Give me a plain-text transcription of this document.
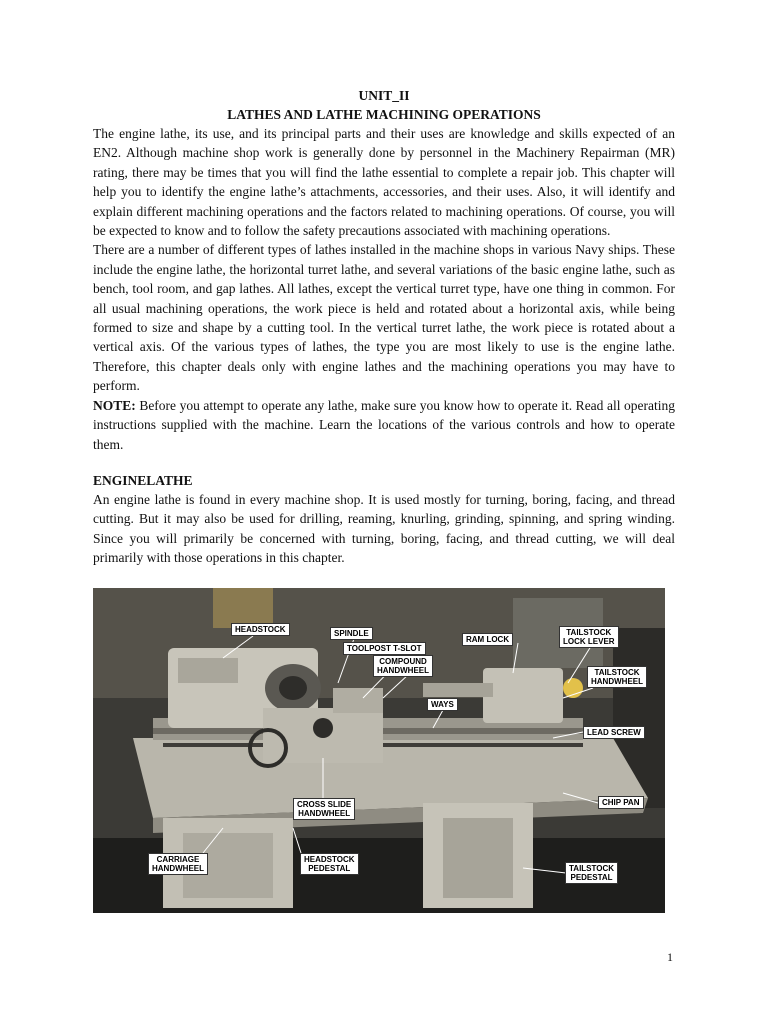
UNIT_II

LATHES AND LATHE MACHINING OPERATIONS

The engine lathe, its use, and its principal parts and their uses are knowledge and skills expected of an EN2. Although machine shop work is generally done by personnel in the Machinery Repairman (MR) rating, there may be times that you will find the lathe essential to complete a repair job. This chapter will help you to identify the engine lathe’s attachments, accessories, and their uses. Also, it will identify and explain different machining operations and the factors related to machining operations. Of course, you will be expected to know and to follow the safety precautions associated with machining operations.

There are a number of different types of lathes installed in the machine shops in various Navy ships. These include the engine lathe, the horizontal turret lathe, and several variations of the basic engine lathe, such as bench, tool room, and gap lathes. All lathes, except the vertical turret type, have one thing in common. For all usual machining operations, the work piece is held and rotated about a horizontal axis, while being formed to size and shape by a cutting tool. In the vertical turret lathe, the work piece is rotated about a vertical axis. Of the various types of lathes, the type you are most likely to use is the engine lathe. Therefore, this chapter deals only with engine lathes and the machining operations you may have to perform.

NOTE: Before you attempt to operate any lathe, make sure you know how to operate it. Read all operating instructions supplied with the machine. Learn the locations of the various controls and how to operate them.

ENGINELATHE

An engine lathe is found in every machine shop. It is used mostly for turning, boring, facing, and thread cutting. But it may also be used for drilling, reaming, knurling, grinding, spinning, and spring winding. Since you will primarily be concerned with turning, boring, facing, and thread cutting, we will deal primarily with those operations in this chapter.

HEADSTOCK	SPINDLE
TOOLPOST T-SLOT
COMPOUND
HANDWHEEL
RAM LOCK
TAILSTOCK
LOCK LEVER
TAILSTOCK
HANDWHEEL
WAYS
LEAD SCREW
CHIP PAN
CROSS SLIDE
HANDWHEEL
CARRIAGE
HANDWHEEL
HEADSTOCK
PEDESTAL	TAILSTOCK
PEDESTAL
1
